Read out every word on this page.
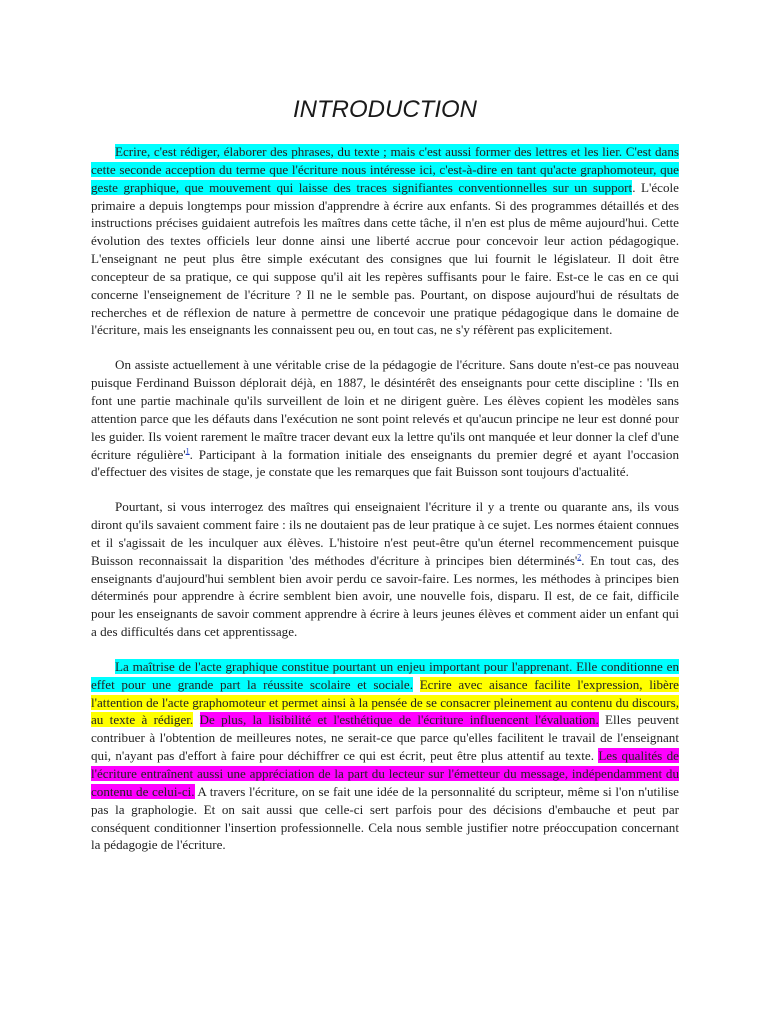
INTRODUCTION

Ecrire, c'est rédiger, élaborer des phrases, du texte ; mais c'est aussi former des lettres et les lier. C'est dans cette seconde acception du terme que l'écriture nous intéresse ici, c'est-à-dire en tant qu'acte graphomoteur, que geste graphique, que mouvement qui laisse des traces signifiantes conventionnelles sur un support. L'école primaire a depuis longtemps pour mission d'apprendre à écrire aux enfants. Si des programmes détaillés et des instructions précises guidaient autrefois les maîtres dans cette tâche, il n'en est plus de même aujourd'hui. Cette évolution des textes officiels leur donne ainsi une liberté accrue pour concevoir leur action pédagogique. L'enseignant ne peut plus être simple exécutant des consignes que lui fournit le législateur. Il doit être concepteur de sa pratique, ce qui suppose qu'il ait les repères suffisants pour le faire. Est-ce le cas en ce qui concerne l'enseignement de l'écriture ? Il ne le semble pas. Pourtant, on dispose aujourd'hui de résultats de recherches et de réflexion de nature à permettre de concevoir une pratique pédagogique dans le domaine de l'écriture, mais les enseignants les connaissent peu ou, en tout cas, ne s'y réfèrent pas explicitement.

On assiste actuellement à une véritable crise de la pédagogie de l'écriture. Sans doute n'est-ce pas nouveau puisque Ferdinand Buisson déplorait déjà, en 1887, le désintérêt des enseignants pour cette discipline : 'Ils en font une partie machinale qu'ils surveillent de loin et ne dirigent guère. Les élèves copient les modèles sans attention parce que les défauts dans l'exécution ne sont point relevés et qu'aucun principe ne leur est donné pour les guider. Ils voient rarement le maître tracer devant eux la lettre qu'ils ont manquée et leur donner la clef d'une écriture régulière'$^1$. Participant à la formation initiale des enseignants du premier degré et ayant l'occasion d'effectuer des visites de stage, je constate que les remarques que fait Buisson sont toujours d'actualité.

Pourtant, si vous interrogez des maîtres qui enseignaient l'écriture il y a trente ou quarante ans, ils vous diront qu'ils savaient comment faire : ils ne doutaient pas de leur pratique à ce sujet. Les normes étaient connues et il s'agissait de les inculquer aux élèves. L'histoire n'est peut-être qu'un éternel recommencement puisque Buisson reconnaissait la disparition 'des méthodes d'écriture à principes bien déterminés'$^2$. En tout cas, des enseignants d'aujourd'hui semblent bien avoir perdu ce savoir-faire. Les normes, les méthodes à principes bien déterminés pour apprendre à écrire semblent bien avoir, une nouvelle fois, disparu. Il est, de ce fait, difficile pour les enseignants de savoir comment apprendre à écrire à leurs jeunes élèves et comment aider un enfant qui a des difficultés dans cet apprentissage.

La maîtrise de l'acte graphique constitue pourtant un enjeu important pour l'apprenant. Elle conditionne en effet pour une grande part la réussite scolaire et sociale. Ecrire avec aisance facilite l'expression, libère l'attention de l'acte graphomoteur et permet ainsi à la pensée de se consacrer pleinement au contenu du discours, au texte à rédiger. De plus, la lisibilité et l'esthétique de l'écriture influencent l'évaluation. Elles peuvent contribuer à l'obtention de meilleures notes, ne serait-ce que parce qu'elles facilitent le travail de l'enseignant qui, n'ayant pas d'effort à faire pour déchiffrer ce qui est écrit, peut être plus attentif au texte. Les qualités de l'écriture entraînent aussi une appréciation de la part du lecteur sur l'émetteur du message, indépendamment du contenu de celui-ci. A travers l'écriture, on se fait une idée de la personnalité du scripteur, même si l'on n'utilise pas la graphologie. Et on sait aussi que celle-ci sert parfois pour des décisions d'embauche et peut par conséquent conditionner l'insertion professionnelle. Cela nous semble justifier notre préoccupation concernant la pédagogie de l'écriture.
